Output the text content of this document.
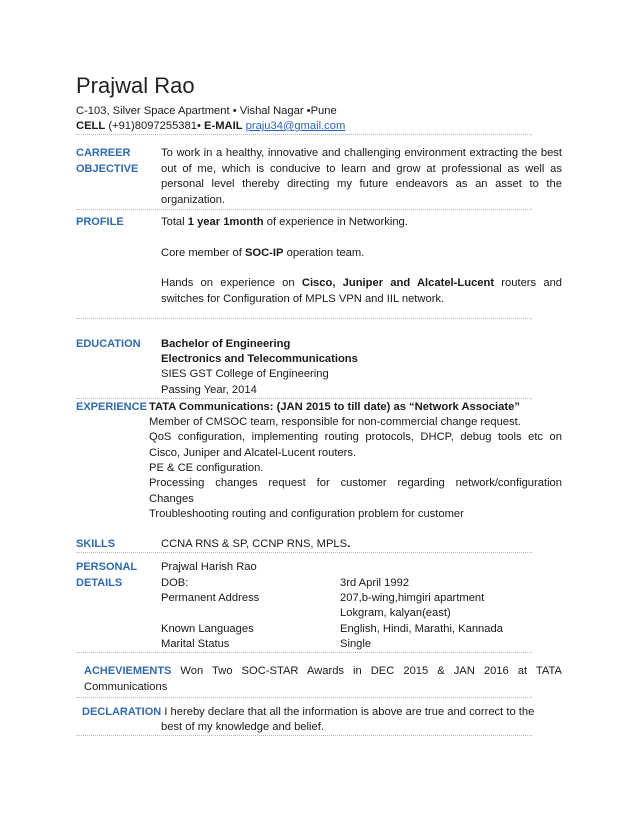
Prajwal Rao
C-103, Silver Space Apartment • Vishal Nagar •Pune
CELL (+91)8097255381• E-MAIL praju34@gmail.com
CARREER
OBJECTIVE
To work in a healthy, innovative and challenging environment extracting the best out of me, which is conducive to learn and grow at professional as well as personal level thereby directing my future endeavors as an asset to the organization.
PROFILE	Total 1 year 1month of experience in Networking.
Core member of SOC-IP operation team.
Hands on experience on Cisco, Juniper and Alcatel-Lucent routers and switches for Configuration of MPLS VPN and IIL network.
EDUCATION Bachelor of Engineering
Electronics and Telecommunications
SIES GST College of Engineering
Passing Year, 2014
EXPERIENCE TATA Communications: (JAN 2015 to till date) as “Network Associate”
Member of CMSOC team, responsible for non-commercial change request.
QoS configuration, implementing routing protocols, DHCP, debug tools etc on Cisco, Juniper and Alcatel-Lucent routers.
PE & CE configuration.
Processing changes request for customer regarding network/configuration Changes
Troubleshooting routing and configuration problem for customer
SKILLS	CCNA RNS & SP, CCNP RNS, MPLS.
PERSONAL
DETAILS
Prajwal Harish Rao
DOB:	3rd April 1992
Permanent Address	207,b-wing,himgiri apartment
Lokgram, kalyan(east)
Known Languages	English, Hindi, Marathi, Kannada
Marital Status	Single
ACHEVIEMENTS Won Two SOC-STAR Awards in DEC 2015 & JAN 2016 at TATA Communications
DECLARATION I hereby declare that all the information is above are true and correct to the
best of my knowledge and belief.
